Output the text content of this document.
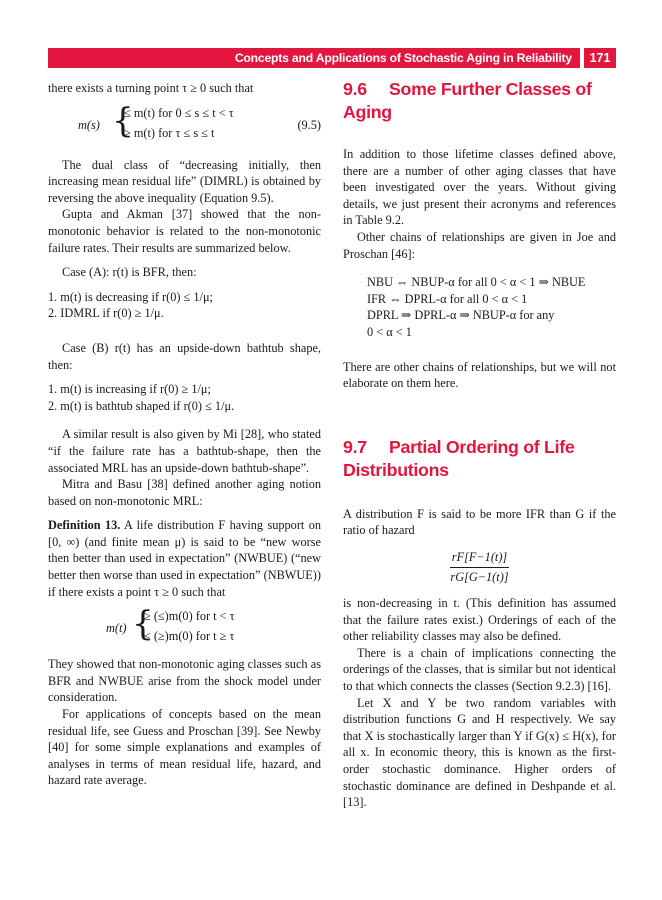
Concepts and Applications of Stochastic Aging in Reliability	171

there exists a turning point τ ≥ 0 such that

m(s) {
≤ m(t) for 0 ≤ s ≤ t < τ
≥ m(t) for τ ≤ s ≤ t
(9.5)

The dual class of “decreasing initially, then increasing mean residual life” (DIMRL) is obtained by reversing the above inequality (Equation 9.5).

Gupta and Akman [37] showed that the non-monotonic behavior is related to the non-monotonic failure rates. Their results are summarized below.

Case (A): r(t) is BFR, then:

1. m(t) is decreasing if r(0) ≤ 1/μ;
2. IDMRL if r(0) ≥ 1/μ.

Case (B) r(t) has an upside-down bathtub shape, then:

1. m(t) is increasing if r(0) ≥ 1/μ;
2. m(t) is bathtub shaped if r(0) ≤ 1/μ.

A similar result is also given by Mi [28], who stated “if the failure rate has a bathtub-shape, then the associated MRL has an upside-down bathtub-shape”.

Mitra and Basu [38] defined another aging notion based on non-monotonic MRL:

Definition 13. A life distribution F having support on [0, ∞) (and finite mean μ) is said to be “new worse then better than used in expectation” (NWBUE) (“new better then worse than used in expectation” (NBWUE)) if there exists a point τ ≥ 0 such that

m(t) {
≥ (≤)m(0) for t < τ
≤ (≥)m(0) for t ≥ τ

They showed that non-monotonic aging classes such as BFR and NWBUE arise from the shock model under consideration.

For applications of concepts based on the mean residual life, see Guess and Proschan [39]. See Newby [40] for some simple explanations and examples of analyses in terms of mean residual life, hazard, and hazard rate average.

9.6 Some Further Classes of
Aging

In addition to those lifetime classes defined above, there are a number of other aging classes that have been investigated over the years. Without giving details, we just present their acronyms and references in Table 9.2.

Other chains of relationships are given in Joe and Proschan [46]:

NBU ⇔ NBUP-α for all 0 < α < 1 ⇒ NBUE
IFR ⇔ DPRL-α for all 0 < α < 1
DPRL ⇒ DPRL-α ⇒ NBUP-α for any
0 < α < 1

There are other chains of relationships, but we will not elaborate on them here.

9.7 Partial Ordering of Life
Distributions

A distribution F is said to be more IFR than G if the ratio of hazard

rF[F−1(t)]
rG[G−1(t)]

is non-decreasing in t. (This definition has assumed that the failure rates exist.) Orderings of each of the other reliability classes may also be defined.

There is a chain of implications connecting the orderings of the classes, that is similar but not identical to that which connects the classes (Section 9.2.3) [16].

Let X and Y be two random variables with distribution functions G and H respectively. We say that X is stochastically larger than Y if G(x) ≤ H(x), for all x. In economic theory, this is known as the first-order stochastic dominance. Higher orders of stochastic dominance are defined in Deshpande et al. [13].
